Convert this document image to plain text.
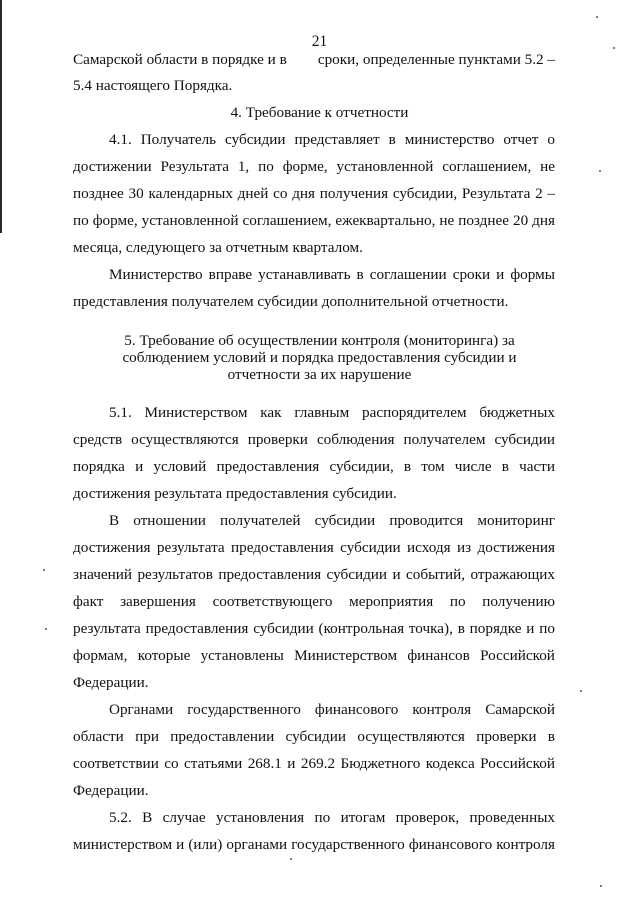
21
Самарской области в порядке и в сроки, определенные пунктами 5.2 –
5.4 настоящего Порядка.
4. Требование к отчетности
4.1. Получатель субсидии представляет в министерство отчет о
достижении Результата 1, по форме, установленной соглашением, не
позднее 30 календарных дней со дня получения субсидии, Результата 2 –
по форме, установленной соглашением, ежеквартально, не позднее 20 дня
месяца, следующего за отчетным кварталом.
Министерство вправе устанавливать в соглашении сроки и формы
представления получателем субсидии дополнительной отчетности.
5. Требование об осуществлении контроля (мониторинга) за
соблюдением условий и порядка предоставления субсидии и
отчетности за их нарушение
5.1. Министерством как главным распорядителем бюджетных
средств осуществляются проверки соблюдения получателем субсидии
порядка и условий предоставления субсидии, в том числе в части
достижения результата предоставления субсидии.
В отношении получателей субсидии проводится мониторинг
достижения результата предоставления субсидии исходя из достижения
значений результатов предоставления субсидии и событий, отражающих
факт завершения соответствующего мероприятия по получению
результата предоставления субсидии (контрольная точка), в порядке и по
формам, которые установлены Министерством финансов Российской
Федерации.
Органами государственного финансового контроля Самарской
области при предоставлении субсидии осуществляются проверки в
соответствии со статьями 268.1 и 269.2 Бюджетного кодекса Российской
Федерации.
5.2. В случае установления по итогам проверок, проведенных
министерством и (или) органами государственного финансового контроля
